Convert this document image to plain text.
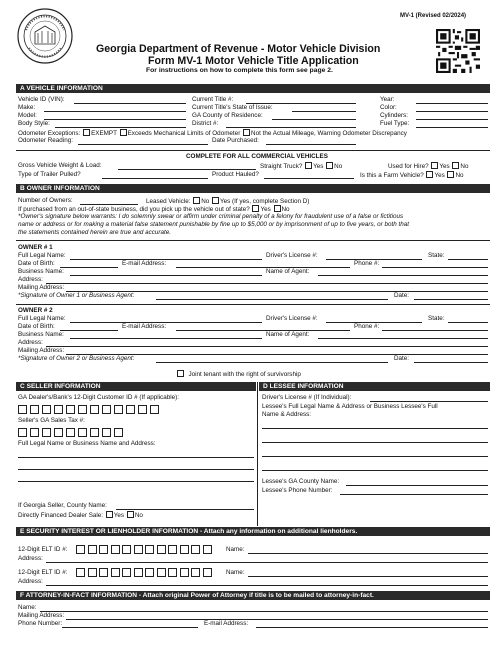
MV-1 (Revised 02/2024)
Georgia Department of Revenue - Motor Vehicle Division
Form MV-1 Motor Vehicle Title Application
For instructions on how to complete this form see page 2.
A VEHICLE INFORMATION
Vehicle ID (VIN):
Make:
Model:
Body Style:
Current Title #:
Current Title's State of Issue:
GA County of Residence:
District #:
Year:
Color:
Cylinders:
Fuel Type:
Odometer Exceptions: EXEMPT Exceeds Mechanical Limits of Odometer Not the Actual Mileage, Warning Odometer Discrepancy
Odometer Reading:	Date Purchased:
COMPLETE FOR ALL COMMERCIAL VEHICLES
Gross Vehicle Weight & Load:	Straight Truck? Yes No	Used for Hire? Yes No
Type of Trailer Pulled?	Product Hauled?	Is this a Farm Vehicle? Yes No
B OWNER INFORMATION
Number of Owners:	Leased Vehicle: No Yes (If yes, complete Section D)
If purchased from an out-of-state business, did you pick up the vehicle out of state? Yes No
*Owner's signature below warrants: I do solemnly swear or affirm under criminal penalty of a felony for fraudulent use of a false or fictitious
name or address or for making a material false statement punishable by fine up to $5,000 or by imprisonment of up to five years, or both that
the statements contained herein are true and accurate.
OWNER # 1
Full Legal Name:	Driver's License #:	State:
Date of Birth:	E-mail Address:	Phone #:
Business Name:	Name of Agent:
Address:
Mailing Address:
*Signature of Owner 1 or Business Agent:	Date:
OWNER # 2
Full Legal Name:	Driver's License #:	State:
Date of Birth:	E-mail Address:	Phone #:
Business Name:	Name of Agent:
Address:
Mailing Address:
*Signature of Owner 2 or Business Agent:	Date:
Joint tenant with the right of survivorship
C SELLER INFORMATION	D LESSEE INFORMATION
GA Dealer's/Bank's 12-Digit Customer ID # (If applicable):
Seller's GA Sales Tax #:
Full Legal Name or Business Name and Address:
If Georgia Seller, County Name:
Directly Financed Dealer Sale: Yes No
Driver's License # (If Individual):
Lessee's Full Legal Name & Address or Business Lessee's Full
Name & Address:
Lessee's GA County Name:
Lessee's Phone Number:
E SECURITY INTEREST OR LIENHOLDER INFORMATION - Attach any information on additional lienholders.
12-Digit ELT ID #:	Name:
Address:
12-Digit ELT ID #:	Name:
Address:
F ATTORNEY-IN-FACT INFORMATION - Attach original Power of Attorney if title is to be mailed to attorney-in-fact.
Name:
Mailing Address:
Phone Number:	E-mail Address:
